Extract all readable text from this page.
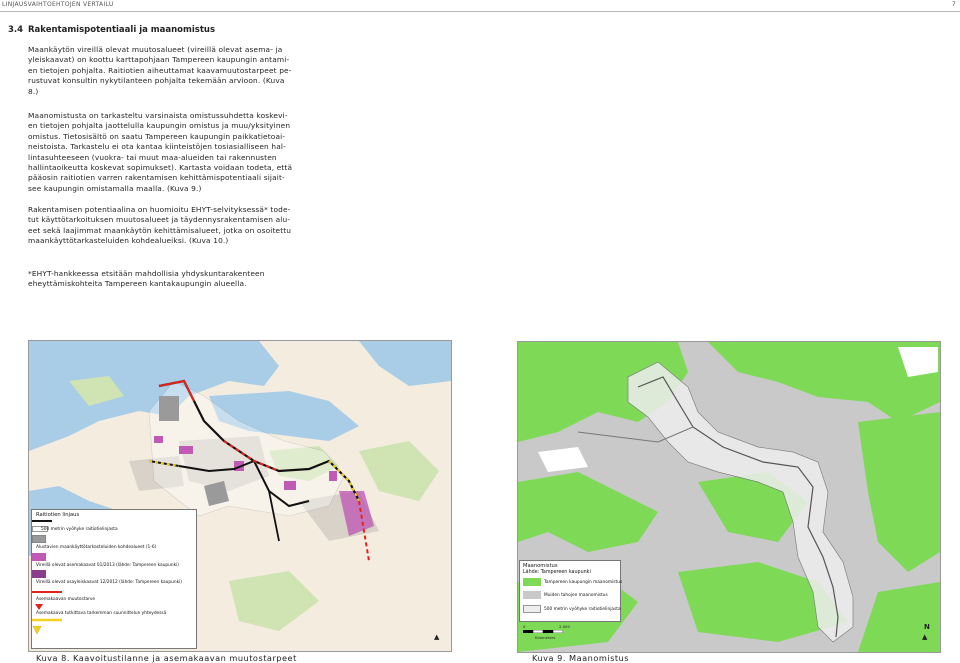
LINJAUSVAIHTOEHTOJEN VERTAILU	7
3.4 Rakentamispotentiaali ja maanomistus

Maankäytön vireillä olevat muutosalueet (vireillä olevat asema- ja

yleiskaavat) on koottu karttapohjaan Tampereen kaupungin antami-

en tietojen pohjalta. Raitiotien aiheuttamat kaavamuutostarpeet pe-

rustuvat konsultin nykytilanteen pohjalta tekemään arvioon. (Kuva

8.)

Maanomistusta on tarkasteltu varsinaista omistussuhdetta koskevi-

en tietojen pohjalta jaottelulla kaupungin omistus ja muu/yksityinen

omistus. Tietosisältö on saatu Tampereen kaupungin paikkatietoai-

neistoista. Tarkastelu ei ota kantaa kiinteistöjen tosiasialliseen hal-

lintasuhteeseen (vuokra- tai muut maa-alueiden tai rakennusten

hallintaoikeutta koskevat sopimukset). Kartasta voidaan todeta, että

pääosin raitiotien varren rakentamisen kehittämispotentiaali sijait-

see kaupungin omistamalla maalla. (Kuva 9.)

Rakentamisen potentiaalina on huomioitu EHYT-selvityksessä* tode-

tut käyttötarkoituksen muutosalueet ja täydennysrakentamisen alu-

eet sekä laajimmat maankäytön kehittämisalueet, jotka on osoitettu

maankäyttötarkasteluiden kohdealueiksi. (Kuva 10.)

*EHYT-hankkeessa etsitään mahdollisia yhdyskuntarakenteen

eheyttämiskohteita Tampereen kantakaupungin alueella.

Raitiotien linjaus
500 metrin vyöhyke raitiotielinjasta
Alustavien maankäyttötarkasteluiden kohdealueet (1-6)
Vireillä olevat asemakaavat 01/2013 (lähde: Tampereen kaupunki)
Vireillä olevat osayleiskaavat 12/2012 (lähde: Tampereen kaupunki)
Asemakaavan muutostarve
Asemakaava tutkittava tarkemman suunnittelun yhteydessä
▲
Maanomistus
Lähde: Tampereen kaupunki
Tampereen kaupungin maanomistus
Muiden tahojen maanomistus
500 metrin vyöhyke raitiotielinjasta
0	2.000
Kilometers	▲
N
Kuva 8. Kaavoitustilanne ja asemakaavan muutostarpeet	Kuva 9. Maanomistus
